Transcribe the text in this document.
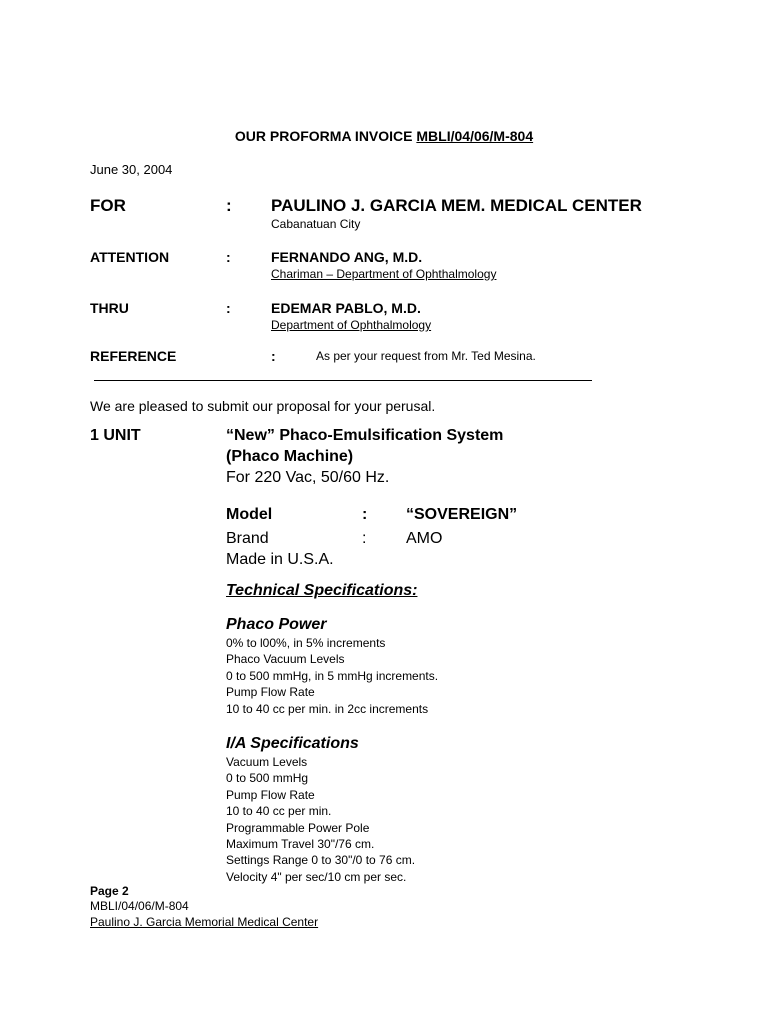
OUR PROFORMA INVOICE MBLI/04/06/M-804
June 30, 2004
FOR	: PAULINO J. GARCIA MEM. MEDICAL CENTER
Cabanatuan City
ATTENTION	:	FERNANDO ANG, M.D.
Chariman – Department of Ophthalmology
THRU	:	EDEMAR PABLO, M.D.
Department of Ophthalmology
REFERENCE	:	As per your request from Mr. Ted Mesina.
We are pleased to submit our proposal for your perusal.
1 UNIT	“New” Phaco-Emulsification System
(Phaco Machine)
For 220 Vac, 50/60 Hz.
Model	: “SOVEREIGN”
Brand	: AMO
Made in U.S.A.
Technical Specifications:
Phaco Power
0% to l00%, in 5% increments
Phaco Vacuum Levels
0 to 500 mmHg, in 5 mmHg increments.
Pump Flow Rate
10 to 40 cc per min. in 2cc increments
I/A Specifications
Vacuum Levels
0 to 500 mmHg
Pump Flow Rate
10 to 40 cc per min.
Programmable Power Pole
Maximum Travel 30"/76 cm.
Settings Range 0 to 30"/0 to 76 cm.
Velocity 4" per sec/10 cm per sec.
Page 2
MBLI/04/06/M-804
Paulino J. Garcia Memorial Medical Center
